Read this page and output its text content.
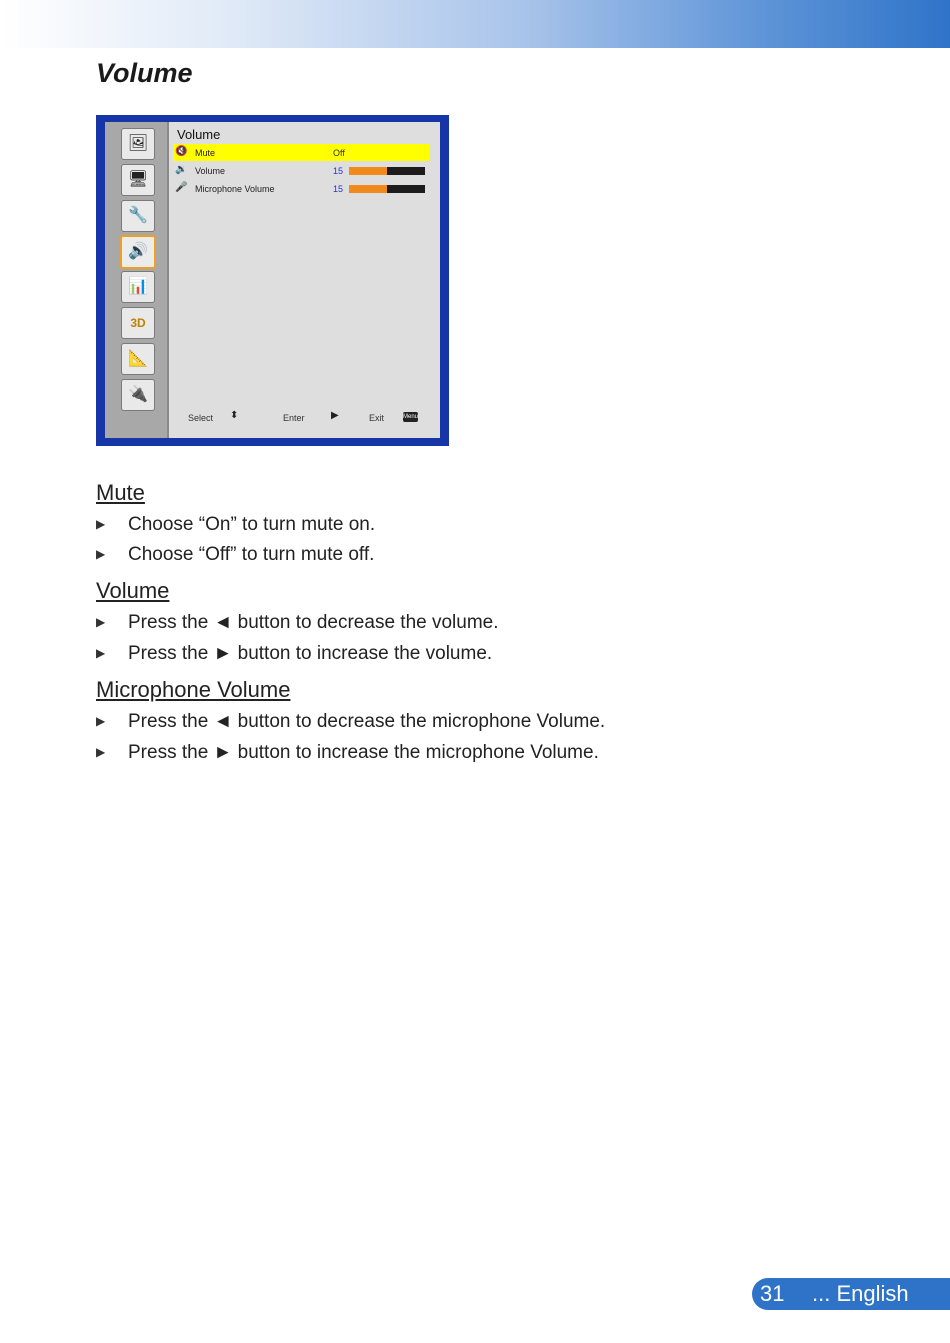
Volume
🖼
🖥
🔧
🔊
📊
3D
📐
🔌
Volume
🔇 Mute	Off
🔉 Volume	15
🎤 Microphone Volume	15
Select ⬍	Enter	▶	Exit	Menu
Mute
▶ Choose “On” to turn mute on.
▶ Choose “Off” to turn mute off.
Volume
▶ Press the ◄ button to decrease the volume.
▶ Press the ► button to increase the volume.
Microphone Volume
▶ Press the ◄ button to decrease the microphone Volume.
▶ Press the ► button to increase the microphone Volume.
31 ... English
